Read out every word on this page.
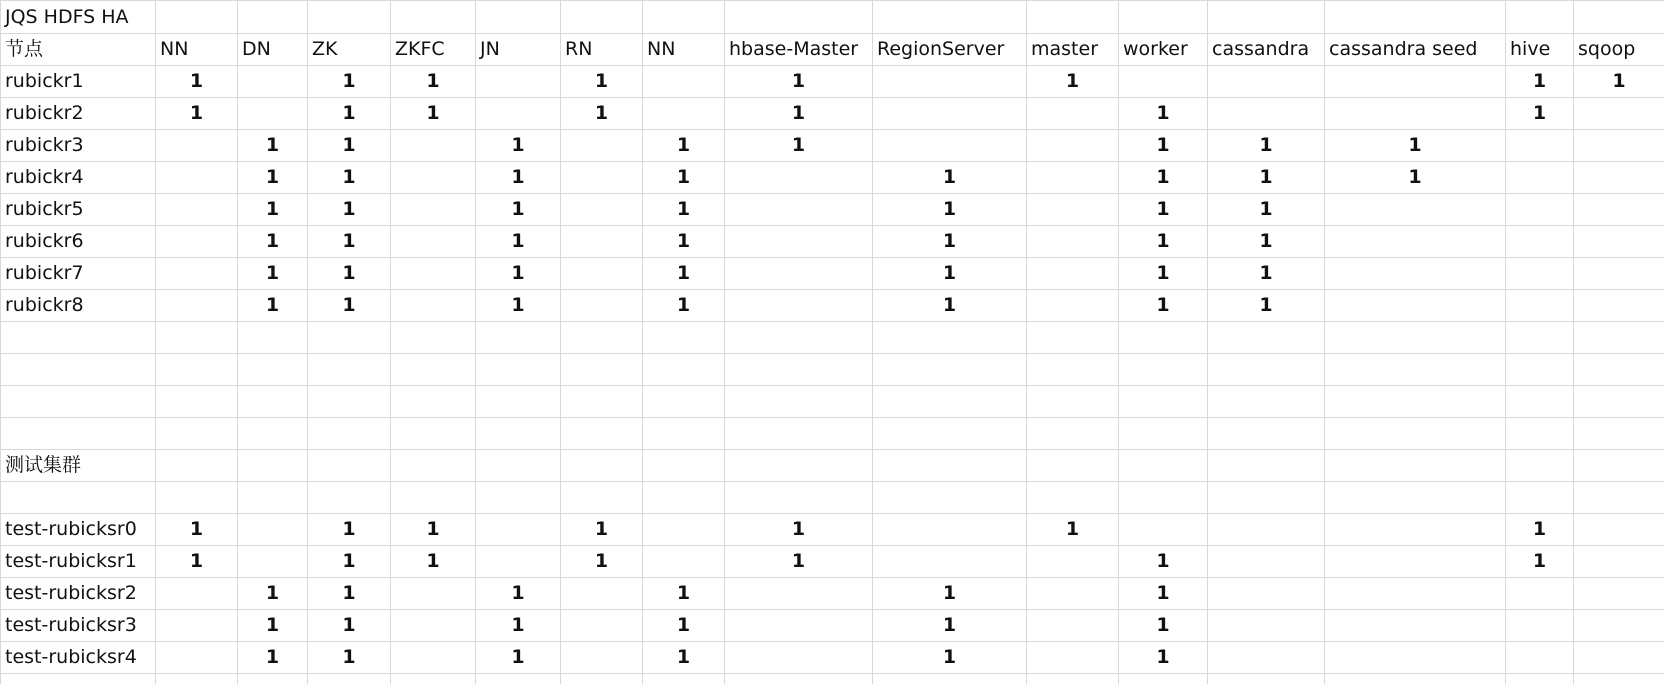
JQS HDFS HA															
节点	NN	DN	ZK	ZKFC	JN	RN	NN	hbase-Master	RegionServer	master	worker	cassandra	cassandra seed	hive	sqoop
rubickr1	1		1	1		1		1		1				1	1
rubickr2	1		1	1		1		1			1			1	
rubickr3		1	1		1		1	1			1	1	1		
rubickr4		1	1		1		1		1		1	1	1		
rubickr5		1	1		1		1		1		1	1			
rubickr6		1	1		1		1		1		1	1			
rubickr7		1	1		1		1		1		1	1			
rubickr8		1	1		1		1		1		1	1			

测试集群															

test-rubicksr0	1		1	1		1		1		1				1	
test-rubicksr1	1		1	1		1		1			1			1	
test-rubicksr2		1	1		1		1		1		1				
test-rubicksr3		1	1		1		1		1		1				
test-rubicksr4		1	1		1		1		1		1				
